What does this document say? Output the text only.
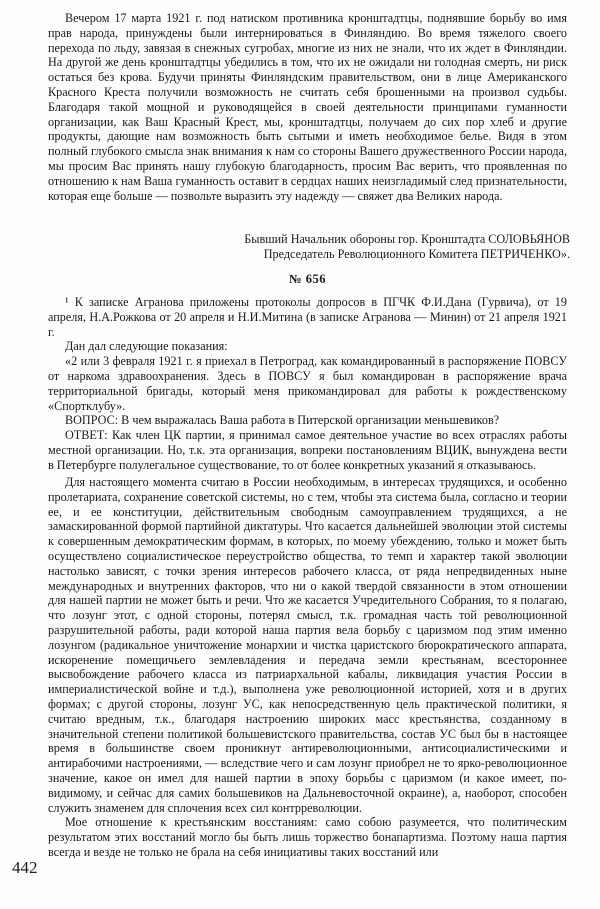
Вечером 17 марта 1921 г. под натиском противника кронштадтцы, поднявшие борьбу во имя прав народа, принуждены были интернироваться в Финляндию. Во время тяжелого своего перехода по льду, завязая в снежных сугробах, многие из них не знали, что их ждет в Финляндии. На другой же день кронштадтцы убедились в том, что их не ожидали ни голодная смерть, ни риск остаться без крова. Будучи приняты Финляндским правительством, они в лице Американского Красного Креста получили возможность не считать себя брошенными на произвол судьбы. Благодаря такой мощной и руководящейся в своей деятельности принципами гуманности организации, как Ваш Красный Крест, мы, кронштадтцы, получаем до сих пор хлеб и другие продукты, дающие нам возможность быть сытыми и иметь необходимое белье. Видя в этом полный глубокого смысла знак внимания к нам со стороны Вашего дружественного России народа, мы просим Вас принять нашу глубокую благодарность, просим Вас верить, что проявленная по отношению к нам Ваша гуманность оставит в сердцах наших неизгладимый след признательности, которая еще больше — позвольте выразить эту надежду — свяжет два Великих народа.

Бывший Начальник обороны гор. Кронштадта СОЛОВЬЯНОВ

Председатель Революционного Комитета ПЕТРИЧЕНКО».

№ 656

¹ К записке Агранова приложены протоколы допросов в ПГЧК Ф.И.Дана (Гурвича), от 19 апреля, Н.А.Рожкова от 20 апреля и Н.И.Митина (в записке Агранова — Минин) от 21 апреля 1921 г.

Дан дал следующие показания:

«2 или 3 февраля 1921 г. я приехал в Петроград, как командированный в распоряжение ПОВСУ от наркома здравоохранения. Здесь в ПОВСУ я был командирован в распоряжение врача территориальной бригады, который меня прикомандировал для работы к рождественскому «Спортклубу».

ВОПРОС: В чем выражалась Ваша работа в Питерской организации меньшевиков?

ОТВЕТ: Как член ЦК партии, я принимал самое деятельное участие во всех отраслях работы местной организации. Но, т.к. эта организация, вопреки постановлениям ВЦИК, вынуждена вести в Петербурге полулегальное существование, то от более конкретных указаний я отказываюсь.

Для настоящего момента считаю в России необходимым, в интересах трудящихся, и особенно пролетариата, сохранение советской системы, но с тем, чтобы эта система была, согласно и теории ее, и ее конституции, действительным свободным самоуправлением трудящихся, а не замаскированной формой партийной диктатуры. Что касается дальнейшей эволюции этой системы к совершенным демократическим формам, в которых, по моему убеждению, только и может быть осуществлено социалистическое переустройство общества, то темп и характер такой эволюции настолько зависят, с точки зрения интересов рабочего класса, от ряда непредвиденных ныне международных и внутренних факторов, что ни о какой твердой связанности в этом отношении для нашей партии не может быть и речи. Что же касается Учредительного Собрания, то я полагаю, что лозунг этот, с одной стороны, потерял смысл, т.к. громадная часть той революционной разрушительной работы, ради которой наша партия вела борьбу с царизмом под этим именно лозунгом (радикальное уничтожение монархии и чистка царистского бюрократического аппарата, искоренение помещичьего землевладения и передача земли крестьянам, всестороннее высвобождение рабочего класса из патриархальной кабалы, ликвидация участия России в империалистической войне и т.д.), выполнена уже революционной историей, хотя и в других формах; с другой стороны, лозунг УС, как непосредственную цель практической политики, я считаю вредным, т.к., благодаря настроению широких масс крестьянства, созданному в значительной степени политикой большевистского правительства, состав УС был бы в настоящее время в большинстве своем проникнут антиреволюционными, антисоциалистическими и антирабочими настроениями, — вследствие чего и сам лозунг приобрел не то ярко-революционное значение, какое он имел для нашей партии в эпоху борьбы с царизмом (и какое имеет, по-видимому, и сейчас для самих большевиков на Дальневосточной окраине), а, наоборот, способен служить знаменем для сплочения всех сил контрреволюции.

Мое отношение к крестьянским восстаниям: само собою разумеется, что политическим результатом этих восстаний могло бы быть лишь торжество бонапартизма. Поэтому наша партия всегда и везде не только не брала на себя инициативы таких восстаний или

442
